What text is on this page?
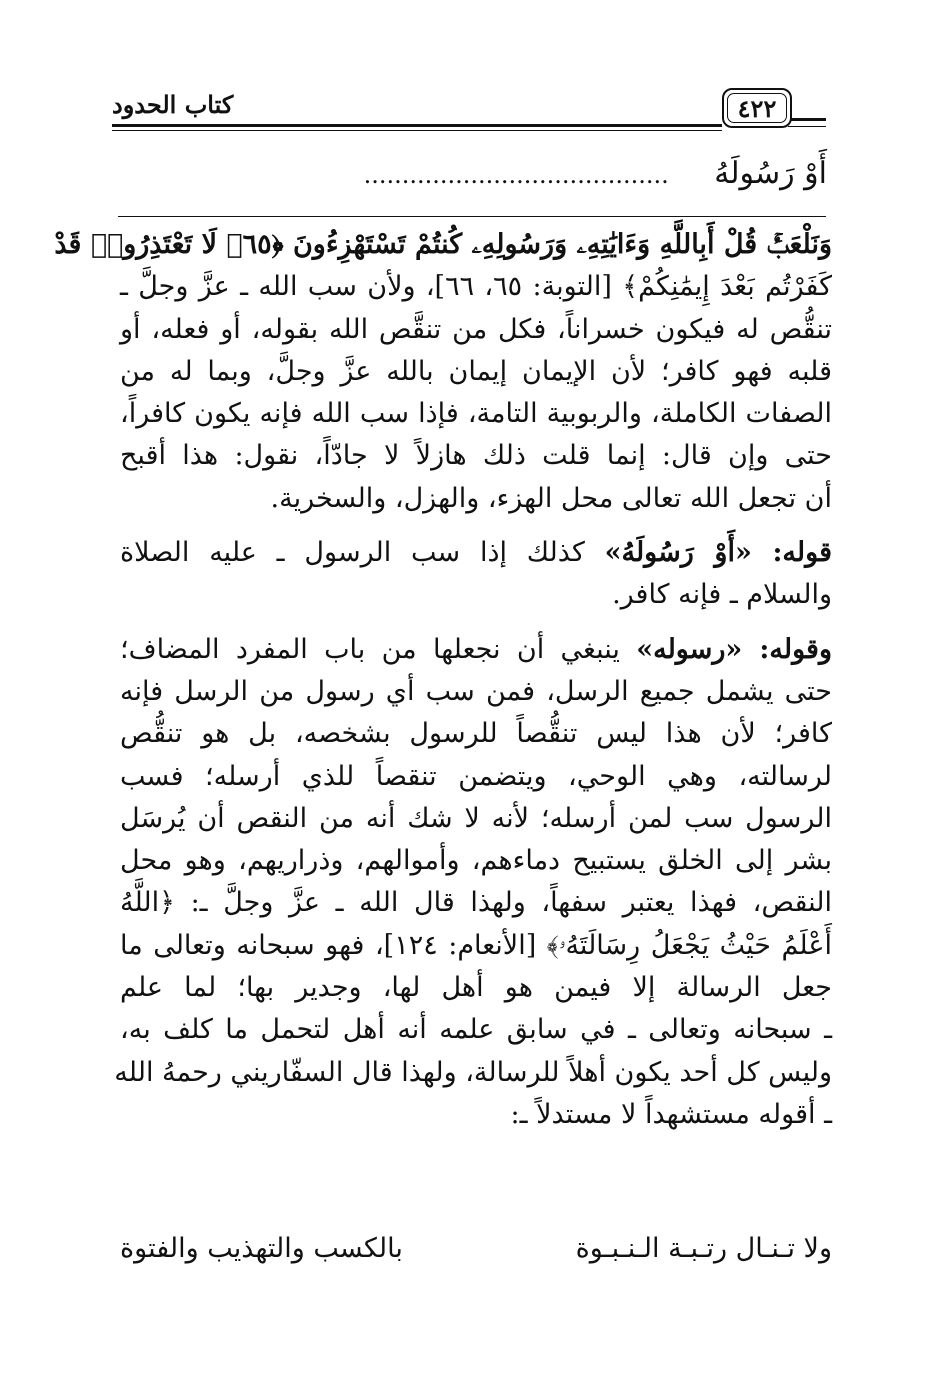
٤٢٢
كتاب الحدود
أَوْ رَسُولَهُ ........................................
وَنَلْعَبُۚ قُلْ أَبِاللَّهِ وَءَايَٰتِهِۦ وَرَسُولِهِۦ كُنتُمْ تَسْتَهْزِءُونَ ﴿٦٥﴾ لَا تَعْتَذِرُوا۟ قَدْ
كَفَرْتُم بَعْدَ إِيمَٰنِكُمْ﴾ [التوبة: ٦٥، ٦٦]، ولأن سب الله ـ عزَّ وجلَّ ـ
تنقُّص له فيكون خسراناً، فكل من تنقَّص الله بقوله، أو فعله، أو
قلبه فهو كافر؛ لأن الإيمان إيمان بالله عزَّ وجلَّ، وبما له من
الصفات الكاملة، والربوبية التامة، فإذا سب الله فإنه يكون كافراً،
حتى وإن قال: إنما قلت ذلك هازلاً لا جادّاً، نقول: هذا أقبح
أن تجعل الله تعالى محل الهزء، والهزل، والسخرية.
قوله: «أَوْ رَسُولَهُ» كذلك إذا سب الرسول ـ عليه الصلاة
والسلام ـ فإنه كافر.
وقوله: «رسوله» ينبغي أن نجعلها من باب المفرد المضاف؛
حتى يشمل جميع الرسل، فمن سب أي رسول من الرسل فإنه
كافر؛ لأن هذا ليس تنقُّصاً للرسول بشخصه، بل هو تنقُّص
لرسالته، وهي الوحي، ويتضمن تنقصاً للذي أرسله؛ فسب
الرسول سب لمن أرسله؛ لأنه لا شك أنه من النقص أن يُرسَل
بشر إلى الخلق يستبيح دماءهم، وأموالهم، وذراريهم، وهو محل
النقص، فهذا يعتبر سفهاً، ولهذا قال الله ـ عزَّ وجلَّ ـ: ﴿اللَّهُ
أَعْلَمُ حَيْثُ يَجْعَلُ رِسَالَتَهُۥ﴾ [الأنعام: ١٢٤]، فهو سبحانه وتعالى ما
جعل الرسالة إلا فيمن هو أهل لها، وجدير بها؛ لما علم
ـ سبحانه وتعالى ـ في سابق علمه أنه أهل لتحمل ما كلف به،
وليس كل أحد يكون أهلاً للرسالة، ولهذا قال السفّاريني رحمهُ الله
ـ أقوله مستشهداً لا مستدلاً ـ:
ولا تـنـال رتـبـة الـنـبـوة
بالكسب والتهذيب والفتوة
